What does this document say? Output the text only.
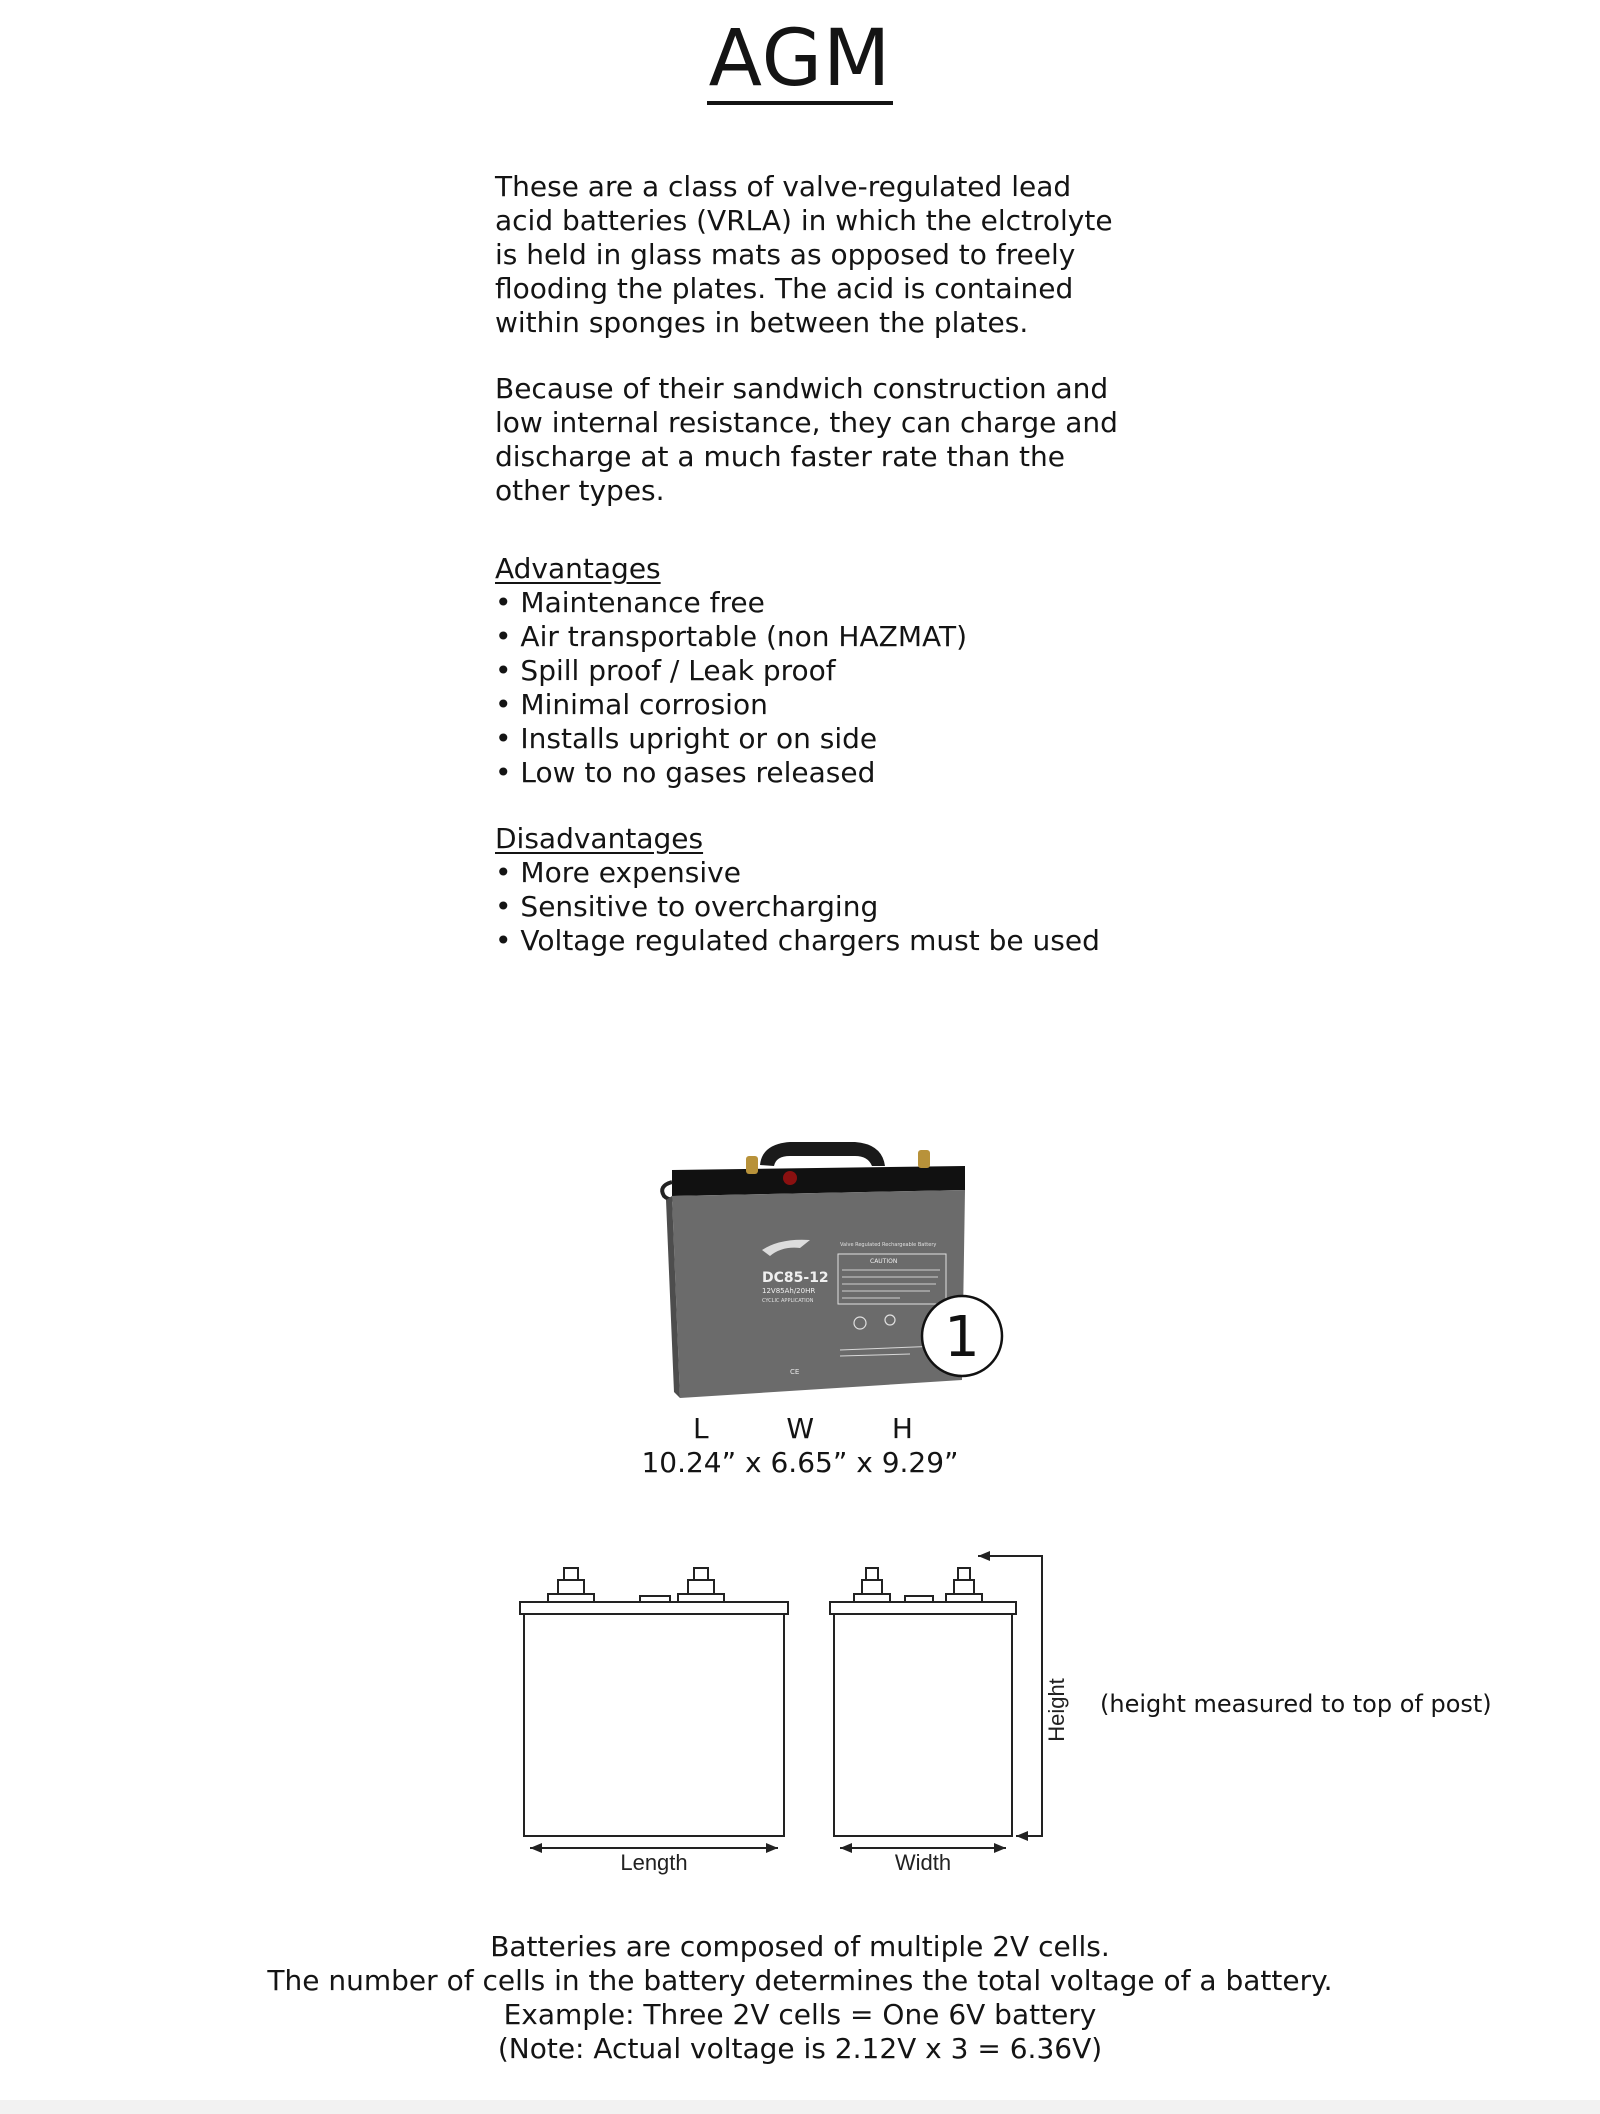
AGM

These are a class of valve-regulated lead acid batteries (VRLA) in which the elctrolyte is held in glass mats as opposed to freely flooding the plates. The acid is contained within sponges in between the plates.

Because of their sandwich construction and low internal resistance, they can charge and discharge at a much faster rate than the other types.

Advantages
• Maintenance free
• Air transportable (non HAZMAT)
• Spill proof / Leak proof
• Minimal corrosion
• Installs upright or on side
• Low to no gases released
Disadvantages
• More expensive
• Sensitive to overcharging
• Voltage regulated chargers must be used
DC85-12
12V85Ah/20HR
CYCLIC APPLICATION
Valve Regulated Rechargeable Battery
CAUTION
CE
1
L	W	H
10.24” x 6.65” x 9.29”
Length	Width
Height (height measured to top of post)

Batteries are composed of multiple 2V cells.

The number of cells in the battery determines the total voltage of a battery.

Example: Three 2V cells = One 6V battery

(Note: Actual voltage is 2.12V x 3 = 6.36V)
